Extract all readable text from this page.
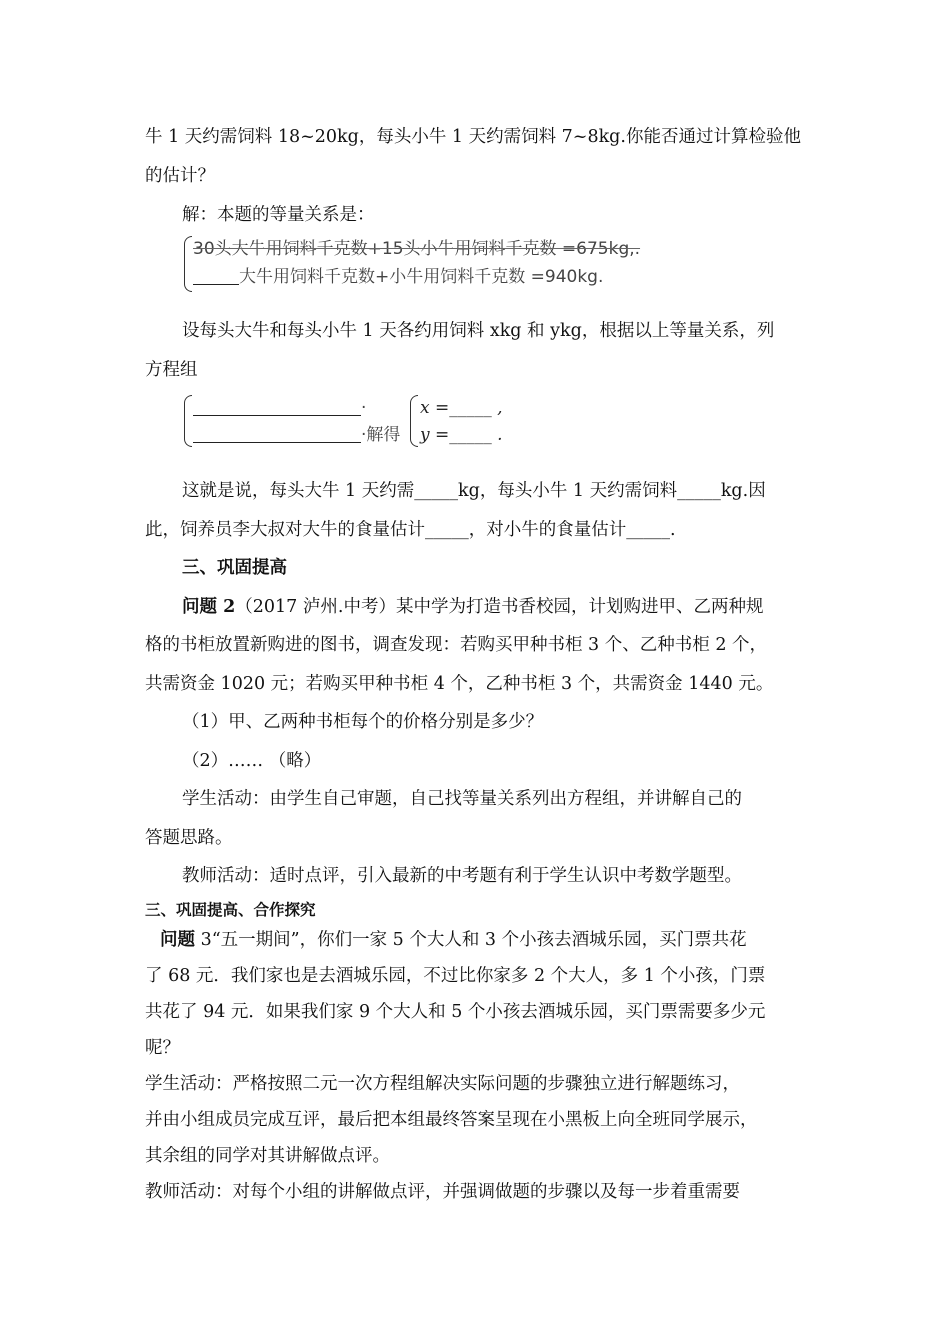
牛 1 天约需饲料 18~20kg，每头小牛 1 天约需饲料 7~8kg.你能否通过计算检验他
的估计？
解：本题的等量关系是：
30头大牛用饲料千克数+15头小牛用饲料千克数 =675kg,.
大牛用饲料千克数+小牛用饲料千克数 =940kg.
设每头大牛和每头小牛 1 天各约用饲料 xkg 和 ykg，根据以上等量关系，列
方程组
·
·解得
x =_____ ,
y =_____ .
这就是说，每头大牛 1 天约需_____kg，每头小牛 1 天约需饲料_____kg.因
此，饲养员李大叔对大牛的食量估计_____，对小牛的食量估计_____.
三、巩固提高
问题 2（2017 泸州.中考）某中学为打造书香校园，计划购进甲、乙两种规
格的书柜放置新购进的图书，调查发现：若购买甲种书柜 3 个、乙种书柜 2 个，
共需资金 1020 元；若购买甲种书柜 4 个，乙种书柜 3 个，共需资金 1440 元。
（1）甲、乙两种书柜每个的价格分别是多少？
（2）…… （略）
学生活动：由学生自己审题，自己找等量关系列出方程组，并讲解自己的
答题思路。
教师活动：适时点评，引入最新的中考题有利于学生认识中考数学题型。
三、巩固提高、合作探究
问题 3“五一期间”，你们一家 5 个大人和 3 个小孩去酒城乐园，买门票共花
了 68 元．我们家也是去酒城乐园，不过比你家多 2 个大人，多 1 个小孩，门票
共花了 94 元．如果我们家 9 个大人和 5 个小孩去酒城乐园，买门票需要多少元
呢？
学生活动：严格按照二元一次方程组解决实际问题的步骤独立进行解题练习，
并由小组成员完成互评，最后把本组最终答案呈现在小黑板上向全班同学展示，
其余组的同学对其讲解做点评。
教师活动：对每个小组的讲解做点评，并强调做题的步骤以及每一步着重需要
